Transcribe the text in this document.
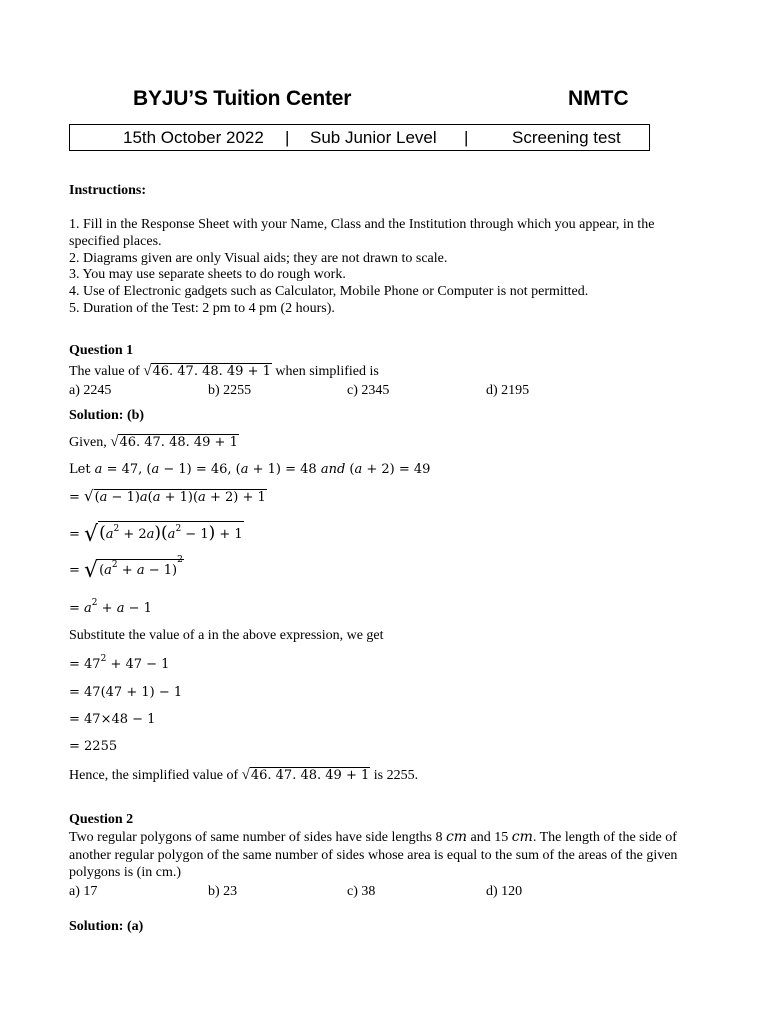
BYJU’S Tuition Center	NMTC
15th October 2022 | Sub Junior Level |	Screening test
Instructions:
1. Fill in the Response Sheet with your Name, Class and the Institution through which you appear, in the specified places.
2. Diagrams given are only Visual aids; they are not drawn to scale.
3. You may use separate sheets to do rough work.
4. Use of Electronic gadgets such as Calculator, Mobile Phone or Computer is not permitted.
5. Duration of the Test: 2 pm to 4 pm (2 hours).
Question 1
The value of √46. 47. 48. 49 + 1 when simplified is
a) 2245	b) 2255	c) 2345	d) 2195
Solution: (b)
Given, √46. 47. 48. 49 + 1
Let 𝑎 = 47, (𝑎 − 1) = 46, (𝑎 + 1) = 48 𝑎𝑛𝑑 (𝑎 + 2) = 49
= √(𝑎 − 1)𝑎(𝑎 + 1)(𝑎 + 2) + 1
= $√(a^2 + 2a)(a^2 - 1) + 1$
= $√(a^2 + a - 1)^2$
= $a^2 + a - 1$
Substitute the value of a in the above expression, we get
= $47^2 + 47 - 1$
= 47(47 + 1) − 1
= 47×48 − 1
= 2255
Hence, the simplified value of √46. 47. 48. 49 + 1 is 2255.
Question 2
Two regular polygons of same number of sides have side lengths 8 𝑐𝑚 and 15 𝑐𝑚. The length of the side of another regular polygon of the same number of sides whose area is equal to the sum of the areas of the given polygons is (in cm.)
a) 17	b) 23	c) 38	d) 120
Solution: (a)
